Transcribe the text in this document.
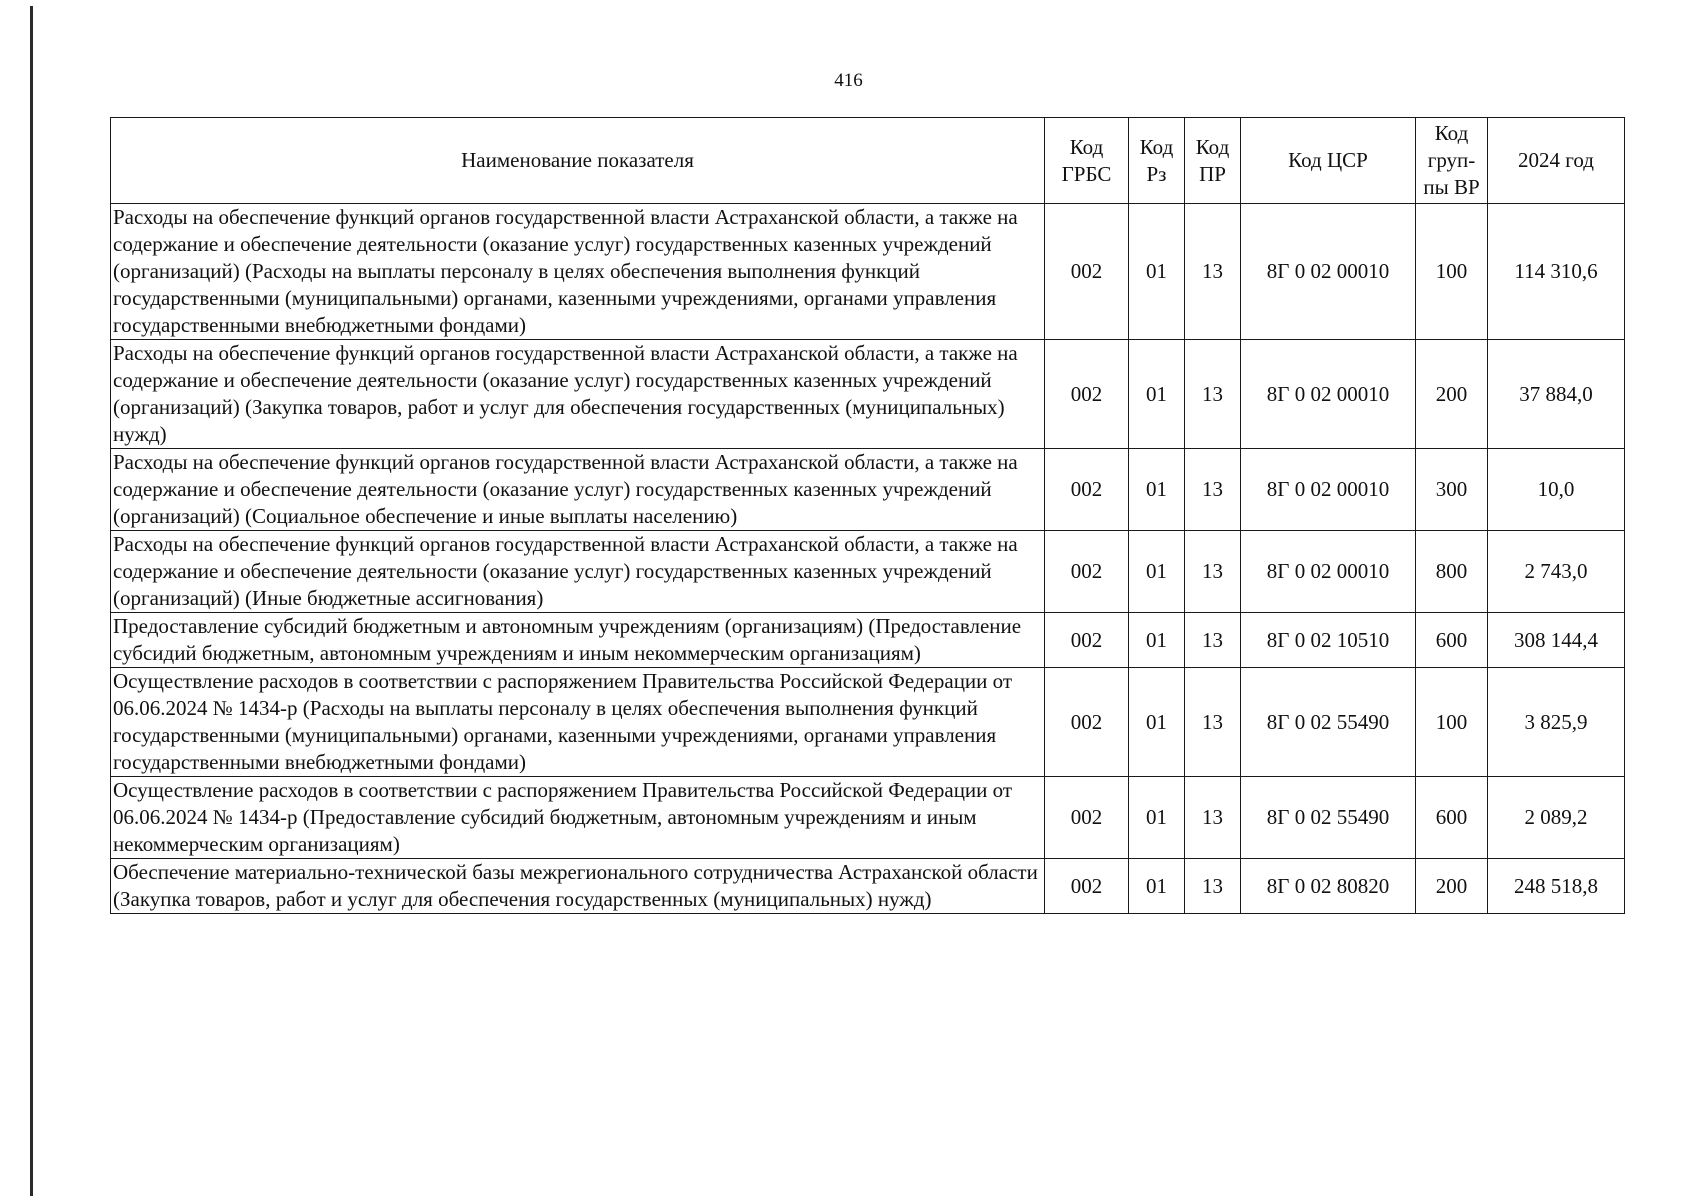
416
Наименование показателя	Код ГРБС	Код Рз	Код ПР	Код ЦСР	Код груп- пы ВР	2024 год
Расходы на обеспечение функций органов государственной власти Астраханской области, а также на содержание и обеспечение деятельности (оказание услуг) государственных казенных учреждений (организаций) (Расходы на выплаты персоналу в целях обеспечения выполнения функций государственными (муниципальными) органами, казенными учреждениями, органами управления государственными внебюджетными фондами)	002	01	13	8Г 0 02 00010	100	114 310,6
Расходы на обеспечение функций органов государственной власти Астраханской области, а также на содержание и обеспечение деятельности (оказание услуг) государственных казенных учреждений (организаций) (Закупка товаров, работ и услуг для обеспечения государственных (муниципальных) нужд)	002	01	13	8Г 0 02 00010	200	37 884,0
Расходы на обеспечение функций органов государственной власти Астраханской области, а также на содержание и обеспечение деятельности (оказание услуг) государственных казенных учреждений (организаций) (Социальное обеспечение и иные выплаты населению)	002	01	13	8Г 0 02 00010	300	10,0
Расходы на обеспечение функций органов государственной власти Астраханской области, а также на содержание и обеспечение деятельности (оказание услуг) государственных казенных учреждений (организаций) (Иные бюджетные ассигнования)	002	01	13	8Г 0 02 00010	800	2 743,0
Предоставление субсидий бюджетным и автономным учреждениям (организациям) (Предоставление субсидий бюджетным, автономным учреждениям и иным некоммерческим организациям)	002	01	13	8Г 0 02 10510	600	308 144,4
Осуществление расходов в соответствии с распоряжением Правительства Российской Федерации от 06.06.2024 № 1434-р (Расходы на выплаты персоналу в целях обеспечения выполнения функций государственными (муниципальными) органами, казенными учреждениями, органами управления государственными внебюджетными фондами)	002	01	13	8Г 0 02 55490	100	3 825,9
Осуществление расходов в соответствии с распоряжением Правительства Российской Федерации от 06.06.2024 № 1434-р (Предоставление субсидий бюджетным, автономным учреждениям и иным некоммерческим организациям)	002	01	13	8Г 0 02 55490	600	2 089,2
Обеспечение материально-технической базы межрегионального сотрудничества Астраханской области (Закупка товаров, работ и услуг для обеспечения государственных (муниципальных) нужд)	002	01	13	8Г 0 02 80820	200	248 518,8
